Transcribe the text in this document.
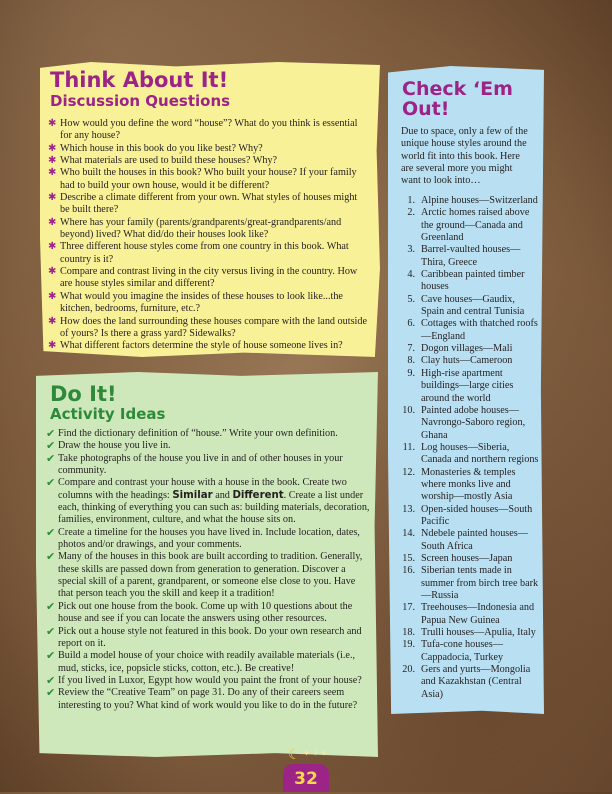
Think About It!
Discussion Questions
✱ How would you define the word “house”? What do you think is essential for any house?
✱ Which house in this book do you like best? Why?
✱ What materials are used to build these houses? Why?
✱ Who built the houses in this book? Who built your house? If your family had to build your own house, would it be different?
✱ Describe a climate different from your own. What styles of houses might be built there?
✱ Where has your family (parents/grandparents/great-grandparents/and beyond) lived? What did/do their houses look like?
✱ Three different house styles come from one country in this book. What country is it?
✱ Compare and contrast living in the city versus living in the country. How are house styles similar and different?
✱ What would you imagine the insides of these houses to look like...the kitchen, bedrooms, furniture, etc.?
✱ How does the land surrounding these houses compare with the land outside of yours? Is there a grass yard? Sidewalks?
✱ What different factors determine the style of house someone lives in?
Do It!
Activity Ideas
✔ Find the dictionary definition of “house.” Write your own definition.
✔ Draw the house you live in.
✔ Take photographs of the house you live in and of other houses in your community.
✔ Compare and contrast your house with a house in the book. Create two columns with the headings: Similar and Different. Create a list under each, thinking of everything you can such as: building materials, decoration, families, environment, culture, and what the house sits on.
✔ Create a timeline for the houses you have lived in. Include location, dates, photos and/or drawings, and your comments.
✔ Many of the houses in this book are built according to tradition. Generally, these skills are passed down from generation to generation. Discover a special skill of a parent, grandparent, or someone else close to you. Have that person teach you the skill and keep it a tradition!
✔ Pick out one house from the book. Come up with 10 questions about the house and see if you can locate the answers using other resources.
✔ Pick out a house style not featured in this book. Do your own research and report on it.
✔ Build a model house of your choice with readily available materials (i.e., mud, sticks, ice, popsicle sticks, cotton, etc.). Be creative!
✔ If you lived in Luxor, Egypt how would you paint the front of your house?
✔ Review the “Creative Team” on page 31. Do any of their careers seem interesting to you? What kind of work would you like to do in the future?
Check ‘Em
Out!

Due to space, only a few of the unique house styles around the world fit into this book. Here are several more you might want to look into…

1. Alpine houses—Switzerland
2. Arctic homes raised above the ground—Canada and Greenland
3. Barrel-vaulted houses—Thira, Greece
4. Caribbean painted timber houses
5. Cave houses—Gaudix, Spain and central Tunisia
6. Cottages with thatched roofs—England
7. Dogon villages—Mali
8. Clay huts—Cameroon
9. High-rise apartment buildings—large cities around the world
10. Painted adobe houses—Navrongo-Saboro region, Ghana
11. Log houses—Siberia, Canada and northern regions
12. Monasteries & temples where monks live and worship—mostly Asia
13. Open-sided houses—South Pacific
14. Ndebele painted houses—South Africa
15. Screen houses—Japan
16. Siberian tents made in summer from birch tree bark—Russia
17. Treehouses—Indonesia and Papua New Guinea
18. Trulli houses—Apulia, Italy
19. Tufa-cone houses—Cappadocia, Turkey
20. Gers and yurts—Mongolia and Kazakhstan (Central Asia)
☾ ✦✧✦
32
